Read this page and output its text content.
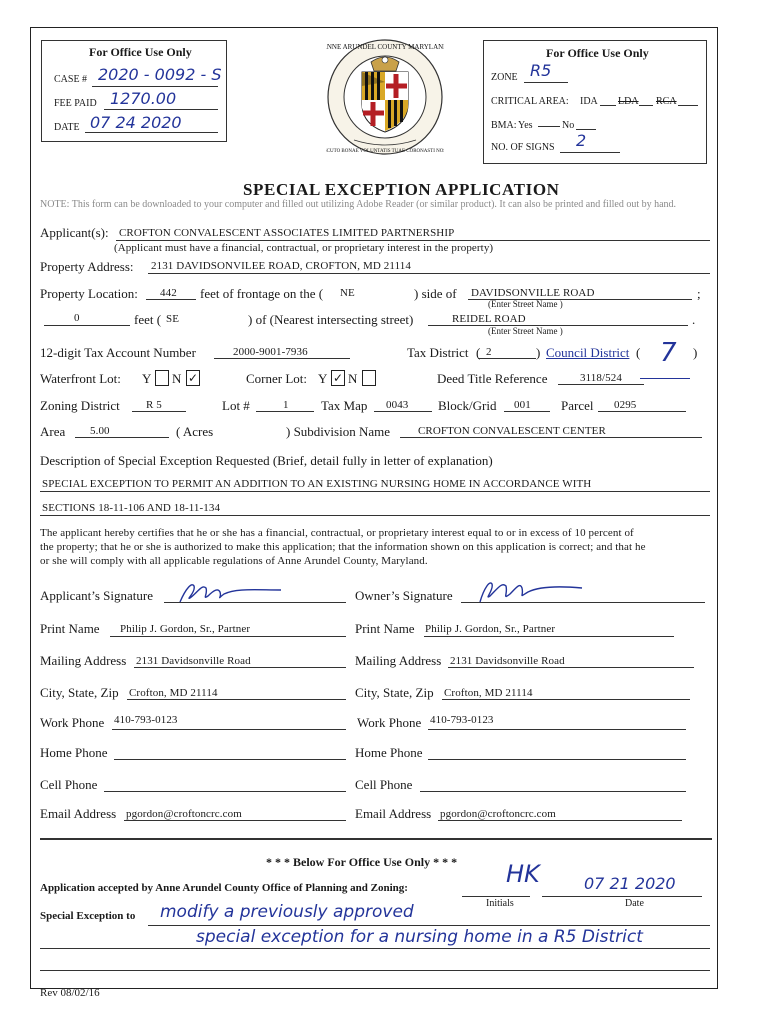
For Office Use Only
CASE # 2020 - 0092 - S
FEE PAID 1270.00
DATE 07 24 2020
ANNE ARUNDEL COUNTY MARYLAND
SCUTO BONAE VOLUNTATIS TUAE CORONASTI NOS
For Office Use Only
ZONE R5
CRITICAL AREA: IDA LDA RCA
BMA: Yes	No
NO. OF SIGNS 2
SPECIAL EXCEPTION APPLICATION
NOTE: This form can be downloaded to your computer and filled out utilizing Adobe Reader (or similar product). It can also be printed and filled out by hand.
Applicant(s): CROFTON CONVALESCENT ASSOCIATES LIMITED PARTNERSHIP
(Applicant must have a financial, contractual, or proprietary interest in the property)
Property Address: 2131 DAVIDSONVILEE ROAD, CROFTON, MD 21114
Property Location: 442 feet of frontage on the ( NE	) side of DAVIDSONVILLE ROAD	;
(Enter Street Name )
0	feet ( SE	) of (Nearest intersecting street)	REIDEL ROAD	.
(Enter Street Name )
12-digit Tax Account Number	2000-9001-7936	Tax District ( 2	) Council District ( 7 )
Waterfront Lot: Y N ✓	Corner Lot: Y ✓ N	Deed Title Reference	3118/524
Zoning District R 5	Lot #	1 Tax Map 0043 Block/Grid 001 Parcel 0295
Area 5.00	( Acres	) Subdivision Name	CROFTON CONVALESCENT CENTER
Description of Special Exception Requested (Brief, detail fully in letter of explanation)
SPECIAL EXCEPTION TO PERMIT AN ADDITION TO AN EXISTING NURSING HOME IN ACCORDANCE WITH
SECTIONS 18-11-106 AND 18-11-134
The applicant hereby certifies that he or she has a financial, contractual, or proprietary interest equal to or in excess of 10 percent of
the property; that he or she is authorized to make this application; that the information shown on this application is correct; and that he
or she will comply with all applicable regulations of Anne Arundel County, Maryland.
Applicant’s Signature	Owner’s Signature
Print Name Philip J. Gordon, Sr., Partner	Print Name Philip J. Gordon, Sr., Partner
Mailing Address 2131 Davidsonville Road	Mailing Address 2131 Davidsonville Road
City, State, Zip Crofton, MD 21114	City, State, Zip Crofton, MD 21114
Work Phone 410-793-0123	Work Phone 410-793-0123
Home Phone	Home Phone
Cell Phone	Cell Phone
Email Address pgordon@croftoncrc.com	Email Address pgordon@croftoncrc.com
* * * Below For Office Use Only * * *
Application accepted by Anne Arundel County Office of Planning and Zoning:	HK	07 21 2020
Initials	Date
Special Exception to modify a previously approved
special exception for a nursing home in a R5 District
Rev 08/02/16
